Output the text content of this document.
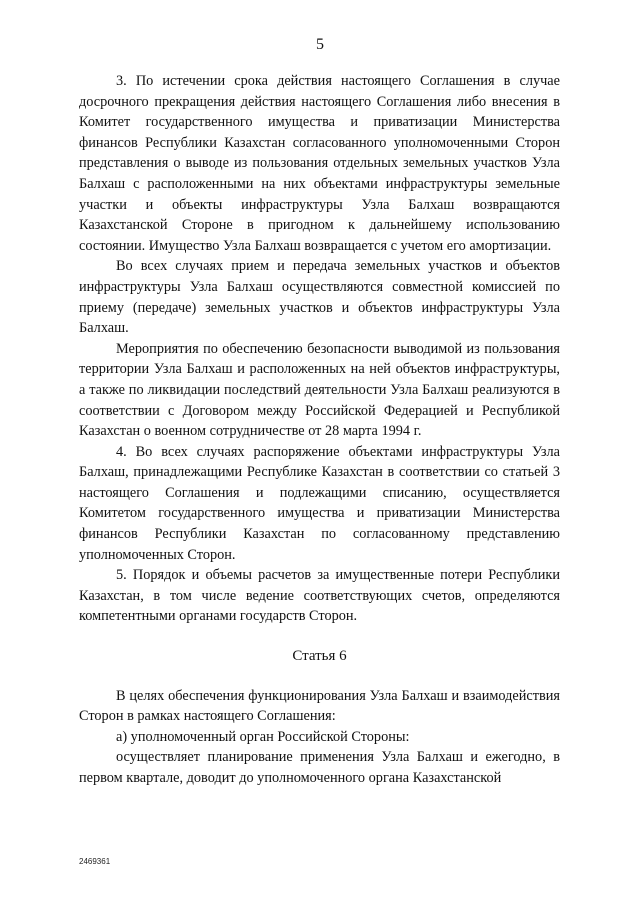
5

3. По истечении срока действия настоящего Соглашения в случае досрочного прекращения действия настоящего Соглашения либо внесения в Комитет государственного имущества и приватизации Министерства финансов Республики Казахстан согласованного уполномоченными Сторон представления о выводе из пользования отдельных земельных участков Узла Балхаш с расположенными на них объектами инфраструктуры земельные участки и объекты инфраструктуры Узла Балхаш возвращаются Казахстанской Стороне в пригодном к дальнейшему использованию состоянии. Имущество Узла Балхаш возвращается с учетом его амортизации.

Во всех случаях прием и передача земельных участков и объектов инфраструктуры Узла Балхаш осуществляются совместной комиссией по приему (передаче) земельных участков и объектов инфраструктуры Узла Балхаш.

Мероприятия по обеспечению безопасности выводимой из пользования территории Узла Балхаш и расположенных на ней объектов инфраструктуры, а также по ликвидации последствий деятельности Узла Балхаш реализуются в соответствии с Договором между Российской Федерацией и Республикой Казахстан о военном сотрудничестве от 28 марта 1994 г.

4. Во всех случаях распоряжение объектами инфраструктуры Узла Балхаш, принадлежащими Республике Казахстан в соответствии со статьей 3 настоящего Соглашения и подлежащими списанию, осуществляется Комитетом государственного имущества и приватизации Министерства финансов Республики Казахстан по согласованному представлению уполномоченных Сторон.

5. Порядок и объемы расчетов за имущественные потери Республики Казахстан, в том числе ведение соответствующих счетов, определяются компетентными органами государств Сторон.

Статья 6

В целях обеспечения функционирования Узла Балхаш и взаимодействия Сторон в рамках настоящего Соглашения:

а) уполномоченный орган Российской Стороны:

осуществляет планирование применения Узла Балхаш и ежегодно, в первом квартале, доводит до уполномоченного органа Казахстанской

2469361
